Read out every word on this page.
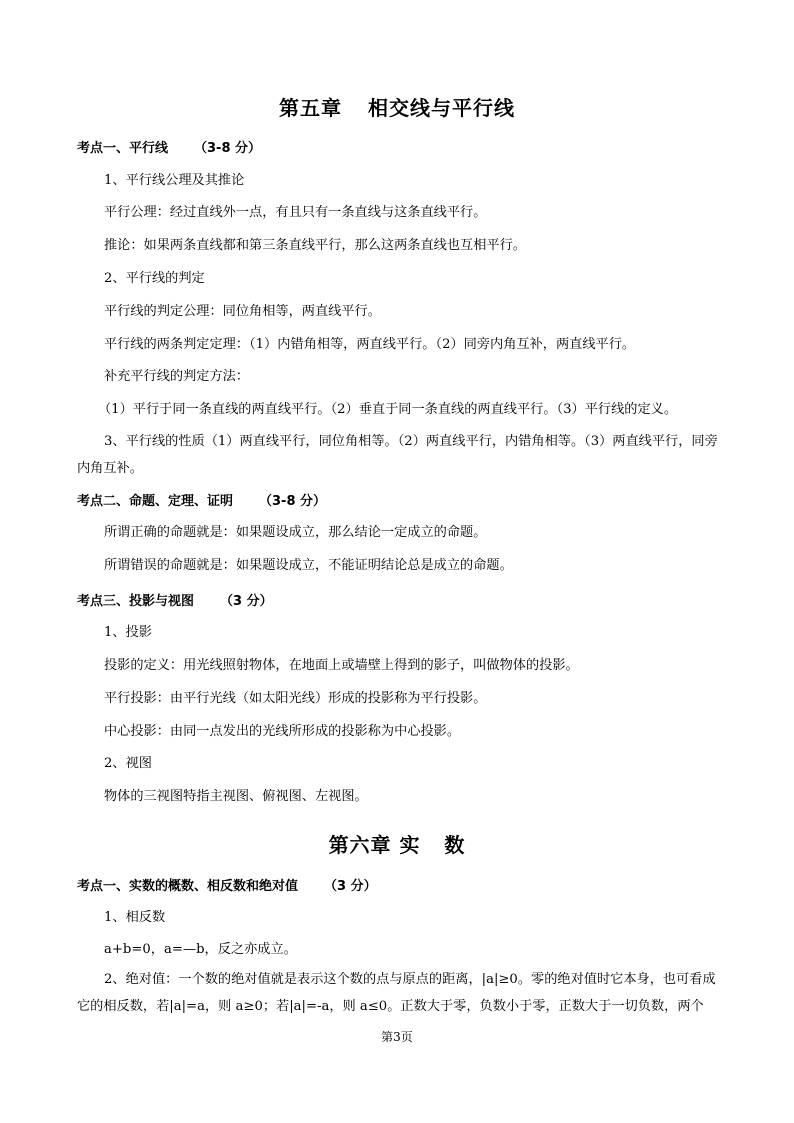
第五章 相交线与平行线
考点一、平行线 （3-8 分）
1、平行线公理及其推论
平行公理：经过直线外一点，有且只有一条直线与这条直线平行。
推论：如果两条直线都和第三条直线平行，那么这两条直线也互相平行。
2、平行线的判定
平行线的判定公理：同位角相等，两直线平行。
平行线的两条判定定理：（1）内错角相等，两直线平行。（2）同旁内角互补，两直线平行。
补充平行线的判定方法：
（1）平行于同一条直线的两直线平行。（2）垂直于同一条直线的两直线平行。（3）平行线的定义。
3、平行线的性质（1）两直线平行，同位角相等。（2）两直线平行，内错角相等。（3）两直线平行，同旁内角互补。
考点二、命题、定理、证明 （3-8 分）
所谓正确的命题就是：如果题设成立，那么结论一定成立的命题。
所谓错误的命题就是：如果题设成立，不能证明结论总是成立的命题。
考点三、投影与视图 （3 分）
1、投影
投影的定义：用光线照射物体，在地面上或墙壁上得到的影子，叫做物体的投影。
平行投影：由平行光线（如太阳光线）形成的投影称为平行投影。
中心投影：由同一点发出的光线所形成的投影称为中心投影。
2、视图
物体的三视图特指主视图、俯视图、左视图。
第六章 实 数
考点一、实数的概数、相反数和绝对值 （3 分）
1、相反数
a+b=0，a=—b，反之亦成立。
2、绝对值：一个数的绝对值就是表示这个数的点与原点的距离，|a|≥0。零的绝对值时它本身，也可看成它的相反数，若|a|=a，则 a≥0；若|a|=-a，则 a≤0。正数大于零，负数小于零，正数大于一切负数，两个
第3页
